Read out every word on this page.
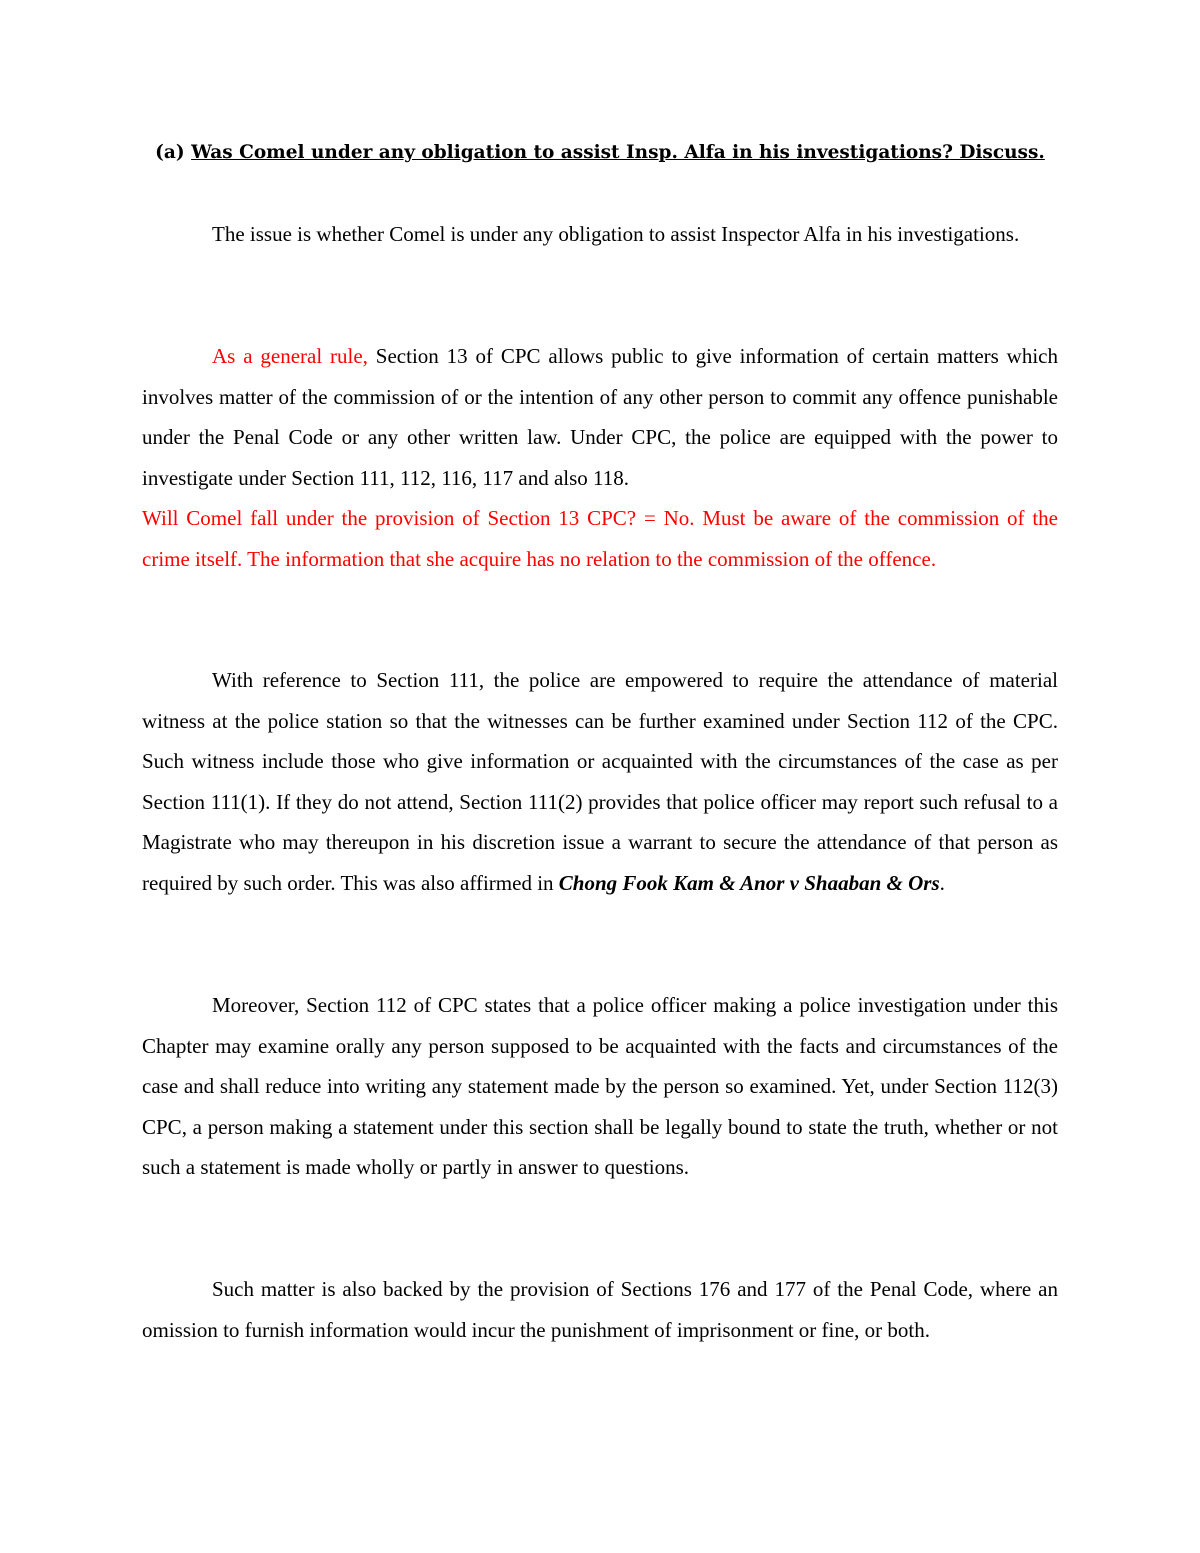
(a) Was Comel under any obligation to assist Insp. Alfa in his investigations? Discuss.

The issue is whether Comel is under any obligation to assist Inspector Alfa in his investigations.

As a general rule, Section 13 of CPC allows public to give information of certain matters which involves matter of the commission of or the intention of any other person to commit any offence punishable under the Penal Code or any other written law. Under CPC, the police are equipped with the power to investigate under Section 111, 112, 116, 117 and also 118.

Will Comel fall under the provision of Section 13 CPC? = No. Must be aware of the commission of the crime itself. The information that she acquire has no relation to the commission of the offence.

With reference to Section 111, the police are empowered to require the attendance of material witness at the police station so that the witnesses can be further examined under Section 112 of the CPC. Such witness include those who give information or acquainted with the circumstances of the case as per Section 111(1). If they do not attend, Section 111(2) provides that police officer may report such refusal to a Magistrate who may thereupon in his discretion issue a warrant to secure the attendance of that person as required by such order. This was also affirmed in Chong Fook Kam & Anor v Shaaban & Ors.

Moreover, Section 112 of CPC states that a police officer making a police investigation under this Chapter may examine orally any person supposed to be acquainted with the facts and circumstances of the case and shall reduce into writing any statement made by the person so examined. Yet, under Section 112(3) CPC, a person making a statement under this section shall be legally bound to state the truth, whether or not such a statement is made wholly or partly in answer to questions.

Such matter is also backed by the provision of Sections 176 and 177 of the Penal Code, where an omission to furnish information would incur the punishment of imprisonment or fine, or both.
